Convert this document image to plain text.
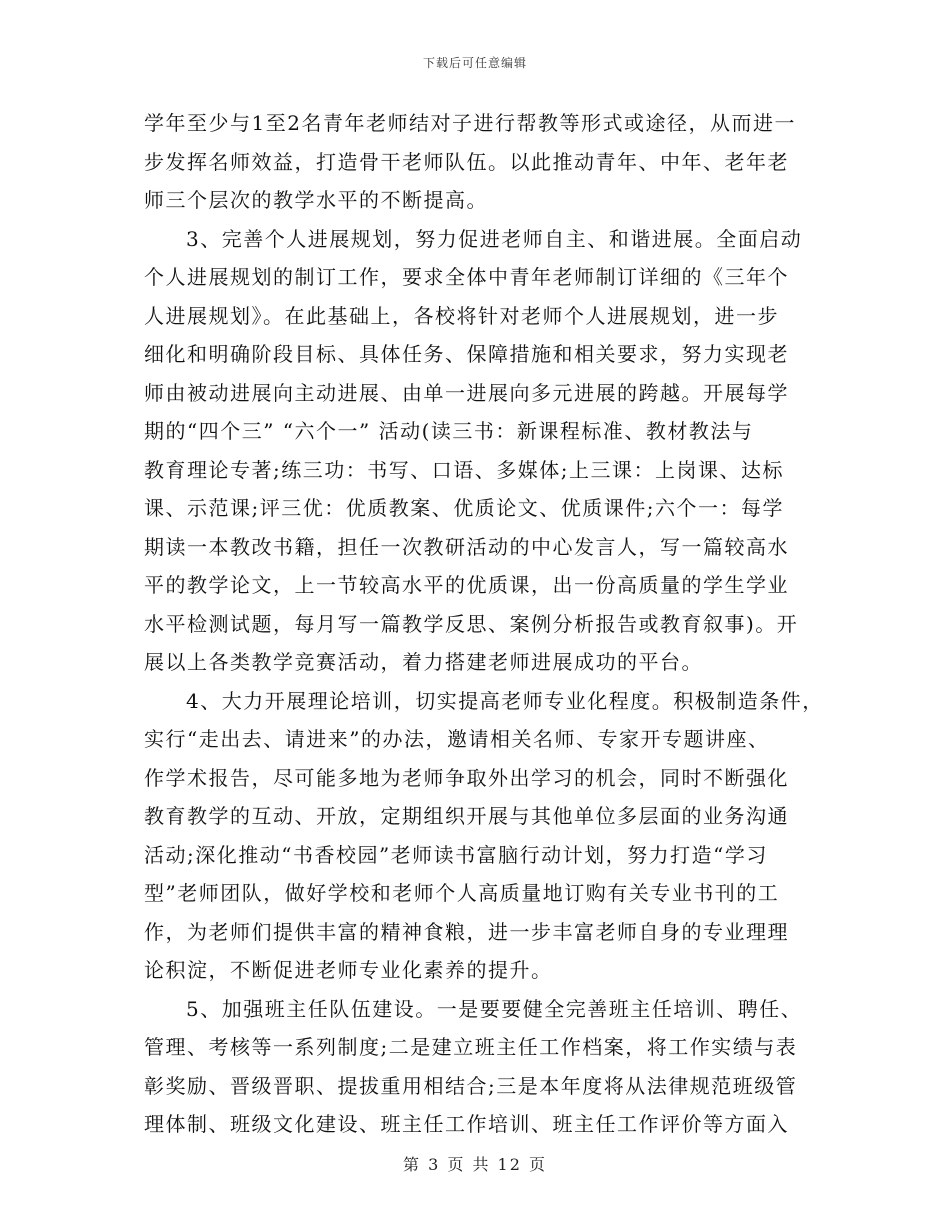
下载后可任意编辑
学年至少与1至2名青年老师结对子进行帮教等形式或途径，从而进一
步发挥名师效益，打造骨干老师队伍。以此推动青年、中年、老年老
师三个层次的教学水平的不断提高。
3、完善个人进展规划，努力促进老师自主、和谐进展。全面启动
个人进展规划的制订工作，要求全体中青年老师制订详细的《三年个
人进展规划》。在此基础上，各校将针对老师个人进展规划，进一步
细化和明确阶段目标、具体任务、保障措施和相关要求，努力实现老
师由被动进展向主动进展、由单一进展向多元进展的跨越。开展每学
期的“四个三” “六个一” 活动(读三书：新课程标准、教材教法与
教育理论专著;练三功：书写、口语、多媒体;上三课：上岗课、达标
课、示范课;评三优：优质教案、优质论文、优质课件;六个一：每学
期读一本教改书籍，担任一次教研活动的中心发言人，写一篇较高水
平的教学论文，上一节较高水平的优质课，出一份高质量的学生学业
水平检测试题，每月写一篇教学反思、案例分析报告或教育叙事)。开
展以上各类教学竞赛活动，着力搭建老师进展成功的平台。
4、大力开展理论培训，切实提高老师专业化程度。积极制造条件，
实行“走出去、请进来”的办法，邀请相关名师、专家开专题讲座、
作学术报告，尽可能多地为老师争取外出学习的机会，同时不断强化
教育教学的互动、开放，定期组织开展与其他单位多层面的业务沟通
活动;深化推动“书香校园”老师读书富脑行动计划，努力打造“学习
型”老师团队，做好学校和老师个人高质量地订购有关专业书刊的工
作，为老师们提供丰富的精神食粮，进一步丰富老师自身的专业理理
论积淀，不断促进老师专业化素养的提升。
5、加强班主任队伍建设。一是要要健全完善班主任培训、聘任、
管理、考核等一系列制度;二是建立班主任工作档案，将工作实绩与表
彰奖励、晋级晋职、提拔重用相结合;三是本年度将从法律规范班级管
理体制、班级文化建设、班主任工作培训、班主任工作评价等方面入
第 3 页 共 12 页
